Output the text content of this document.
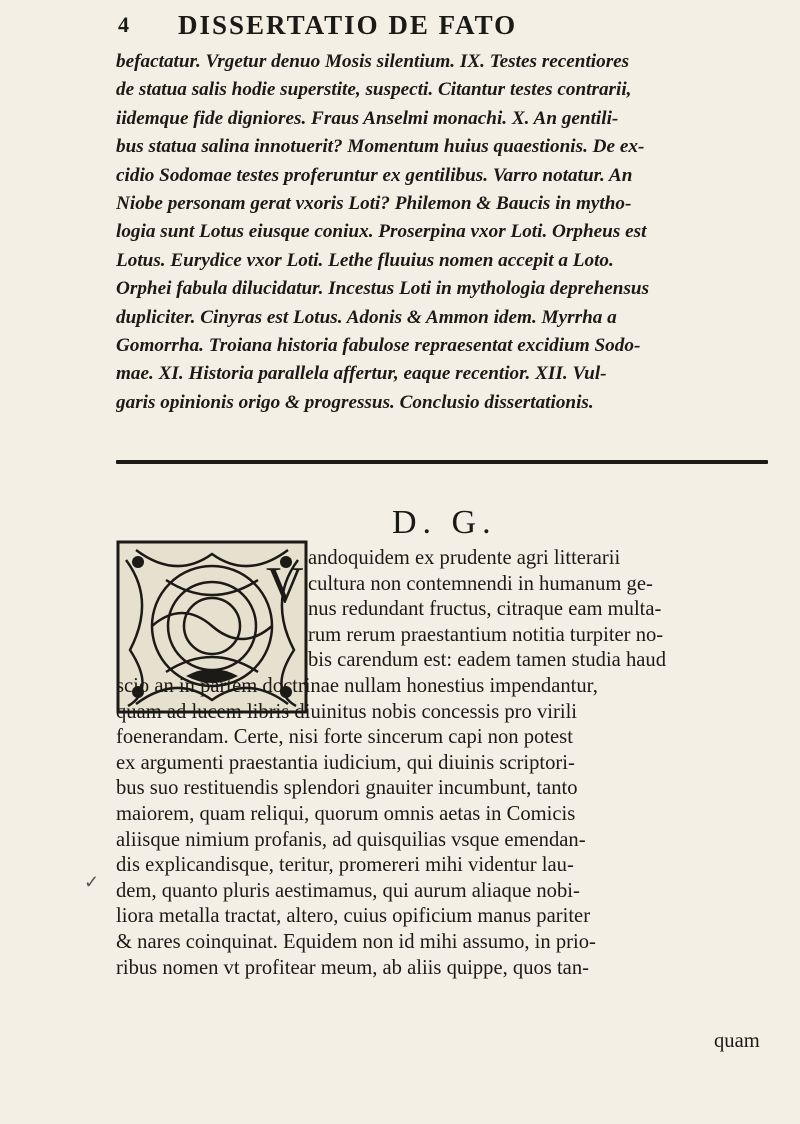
4 DISSERTATIO DE FATO
befactatur. Vrgetur denuo Mosis silentium. IX. Testes recentiores
de statua salis hodie superstite, suspecti. Citantur testes contrarii,
iidemque fide digniores. Fraus Anselmi monachi. X. An gentili-
bus statua salina innotuerit? Momentum huius quaestionis. De ex-
cidio Sodomae testes proferuntur ex gentilibus. Varro notatur. An
Niobe personam gerat vxoris Loti? Philemon & Baucis in mytho-
logia sunt Lotus eiusque coniux. Proserpina vxor Loti. Orpheus est
Lotus. Eurydice vxor Loti. Lethe fluuius nomen accepit a Loto.
Orphei fabula dilucidatur. Incestus Loti in mythologia deprehensus
dupliciter. Cinyras est Lotus. Adonis & Ammon idem. Myrrha a
Gomorrha. Troiana historia fabulose repraesentat excidium Sodo-
mae. XI. Historia parallela affertur, eaque recentior. XII. Vul-
garis opinionis origo & progressus. Conclusio dissertationis.
D. G.
V andoquidem ex prudente agri litterarii
cultura non contemnendi in humanum ge-
nus redundant fructus, citraque eam multa-
rum rerum praestantium notitia turpiter no-
bis carendum est: eadem tamen studia haud
scio an in partem doctrinae nullam honestius impendantur,
quam ad lucem libris diuinitus nobis concessis pro virili
foenerandam. Certe, nisi forte sincerum capi non potest
ex argumenti praestantia iudicium, qui diuinis scriptori-
bus suo restituendis splendori gnauiter incumbunt, tanto
maiorem, quam reliqui, quorum omnis aetas in Comicis
aliisque nimium profanis, ad quisquilias vsque emendan-
dis explicandisque, teritur, promereri mihi videntur lau-
dem, quanto pluris aestimamus, qui aurum aliaque nobi-
liora metalla tractat, altero, cuius opificium manus pariter
& nares coinquinat. Equidem non id mihi assumo, in prio-
ribus nomen vt profitear meum, ab aliis quippe, quos tan-
✓
quam
